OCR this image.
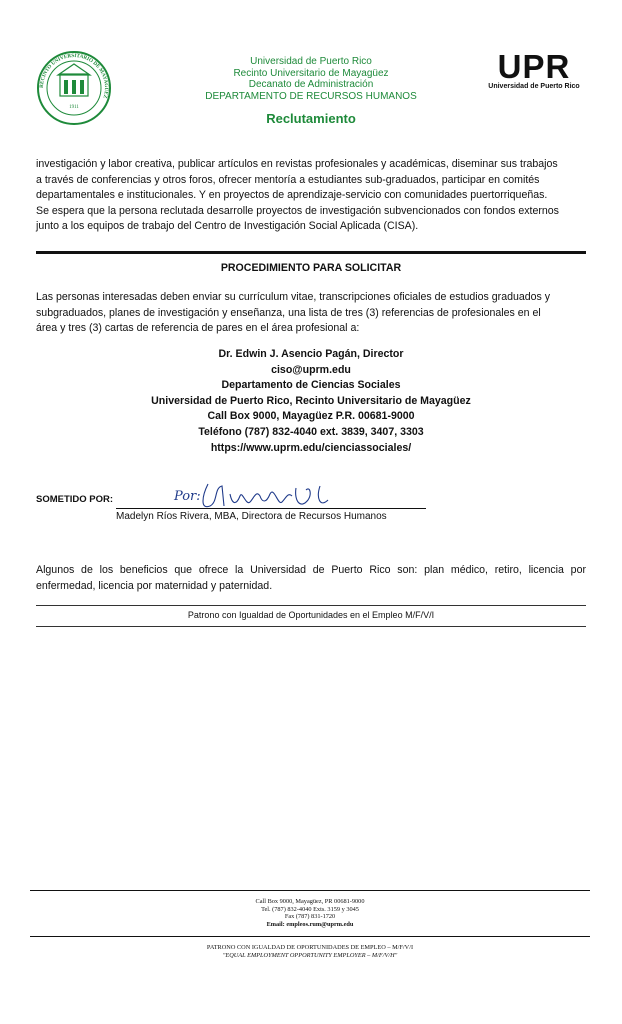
RECINTO UNIVERSITARIO DE MAYAGÜEZ
1911
Universidad de Puerto Rico
Recinto Universitario de Mayagüez
Decanato de Administración
DEPARTAMENTO DE RECURSOS HUMANOS
Reclutamiento
UPR
Universidad de Puerto Rico
investigación y labor creativa, publicar artículos en revistas profesionales y académicas, diseminar sus trabajos
a través de conferencias y otros foros, ofrecer mentoría a estudiantes sub-graduados, participar en comités
departamentales e institucionales. Y en proyectos de aprendizaje-servicio con comunidades puertorriqueñas.
Se espera que la persona reclutada desarrolle proyectos de investigación subvencionados con fondos externos
junto a los equipos de trabajo del Centro de Investigación Social Aplicada (CISA).
PROCEDIMIENTO PARA SOLICITAR
Las personas interesadas deben enviar su currículum vitae, transcripciones oficiales de estudios graduados y
subgraduados, planes de investigación y enseñanza, una lista de tres (3) referencias de profesionales en el
área y tres (3) cartas de referencia de pares en el área profesional a:
Dr. Edwin J. Asencio Pagán, Director
ciso@uprm.edu
Departamento de Ciencias Sociales
Universidad de Puerto Rico, Recinto Universitario de Mayagüez
Call Box 9000, Mayagüez P.R. 00681-9000
Teléfono (787) 832-4040 ext. 3839, 3407, 3303
https://www.uprm.edu/cienciassociales/
SOMETIDO POR:	Por:
Madelyn Ríos Rivera, MBA, Directora de Recursos Humanos
Algunos de los beneficios que ofrece la Universidad de Puerto Rico son: plan médico, retiro, licencia por enfermedad, licencia por maternidad y paternidad.
Patrono con Igualdad de Oportunidades en el Empleo M/F/V/I
Call Box 9000, Mayagüez, PR 00681-9000
Tel. (787) 832-4040 Exts. 3159 y 3045
Fax (787) 831-1720
Email: empleos.rum@uprm.edu
PATRONO CON IGUALDAD DE OPORTUNIDADES DE EMPLEO – M/F/V/I
"EQUAL EMPLOYMENT OPPORTUNITY EMPLOYER – M/F/V/H"
